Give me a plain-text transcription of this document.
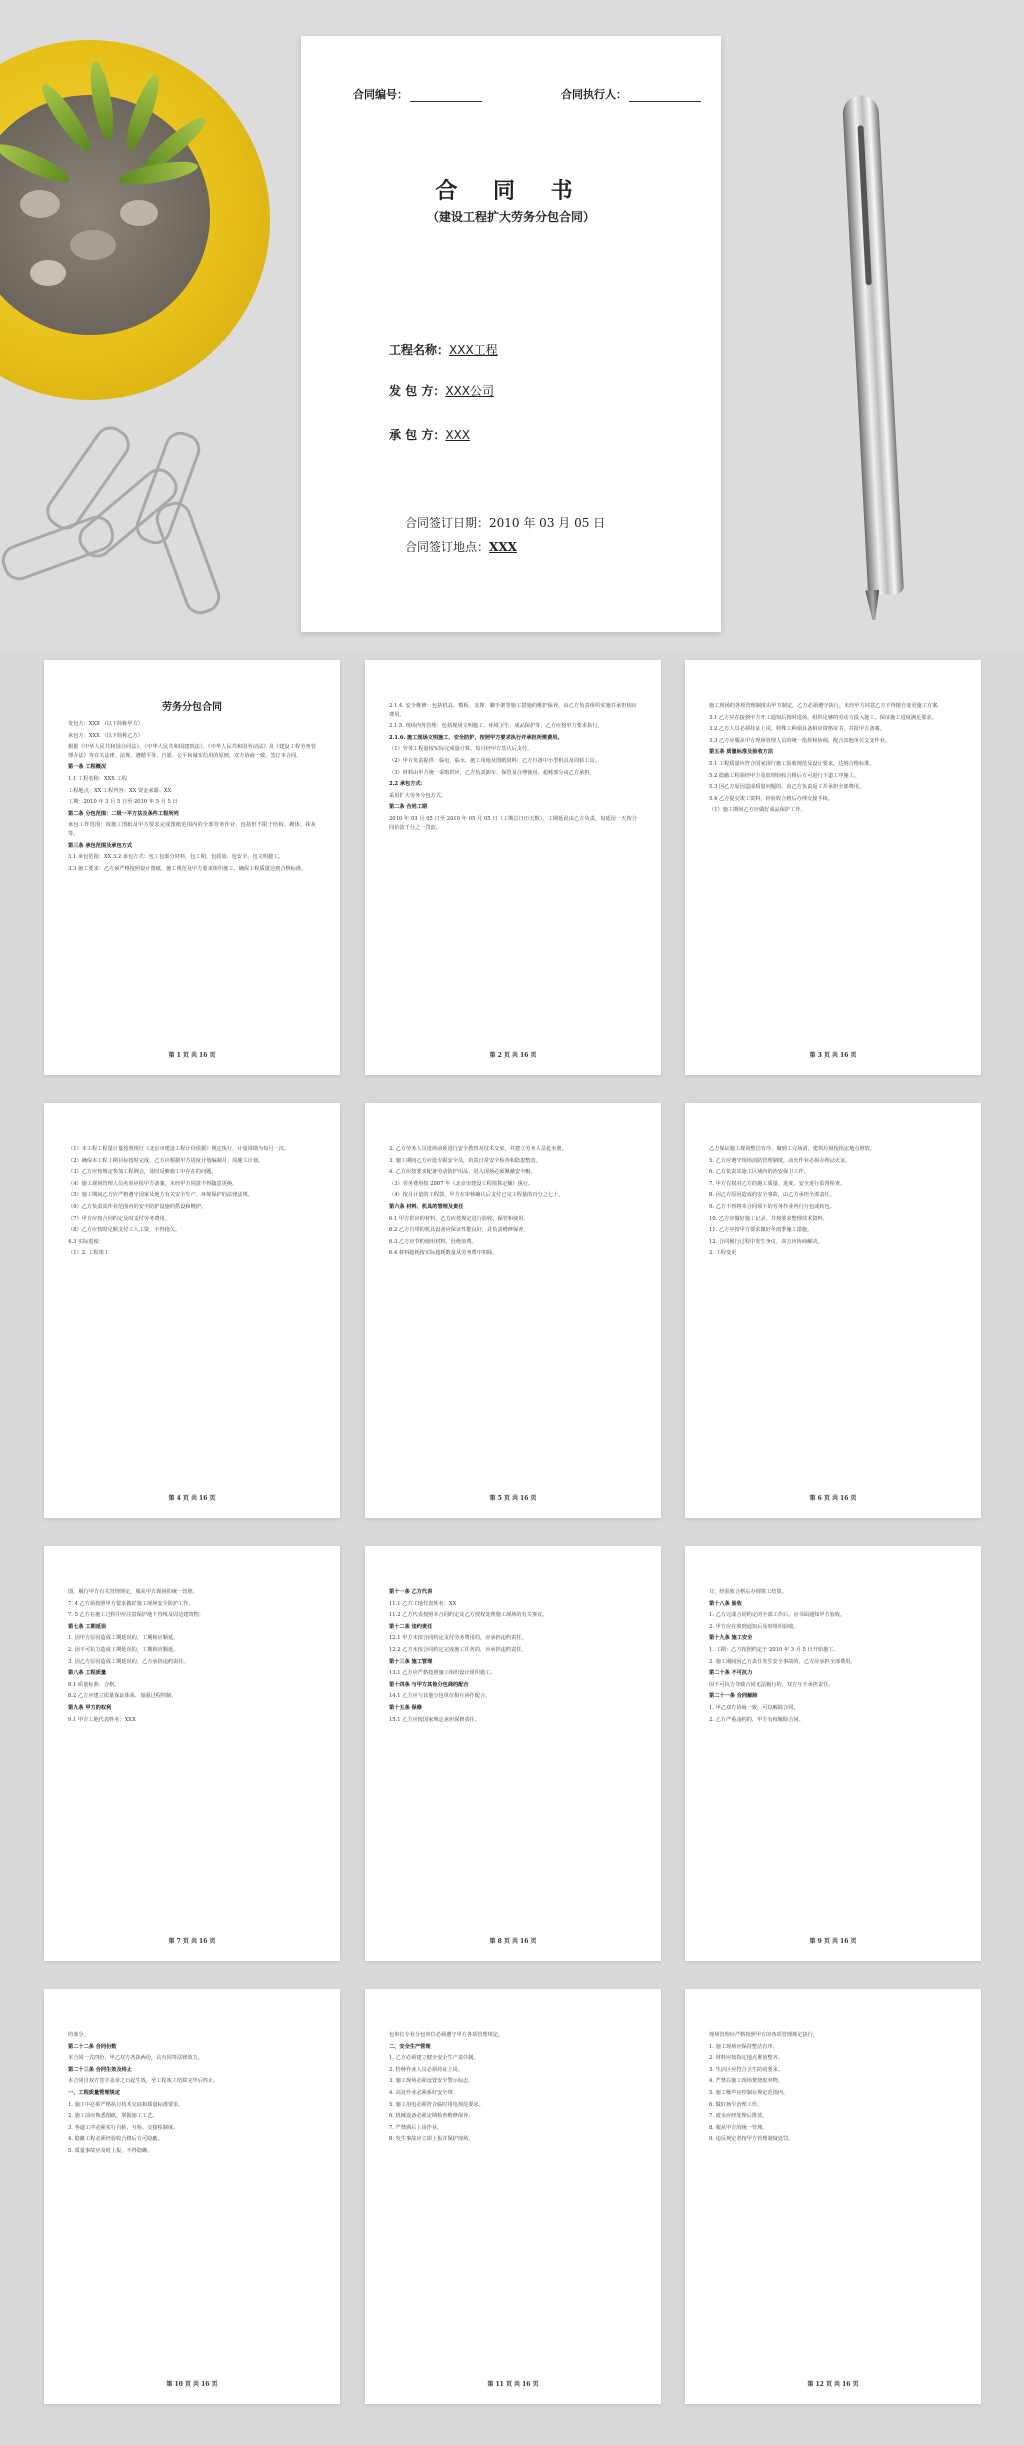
合同编号：	合同执行人：
合 同 书
（建设工程扩大劳务分包合同）
工程名称：XXX工程
发 包 方：XXX公司
承 包 方：XXX
合同签订日期：2010 年 03 月 05 日
合同签订地点：XXX
劳务分包合同

发包方：XXX （以下简称甲方）

承包方：XXX （以下简称乙方）

根据《中华人民共和国合同法》、《中华人民共和国建筑法》、《中华人民共和国劳动法》及《建设工程劳务管理办法》等有关法律、法规，遵循平等、自愿、公平和诚实信用的原则，双方协商一致，签订本合同。

第一条 工程概况

1.1 工程名称：XXX 工程

工程地点：XX 工程内容：XX 资金来源：XX

工期：2010 年 3 月 5 日至 2010 年 5 月 5 日

第二条 分包范围：二级一平方法及条件工程所列

承包工作范围：按施工图纸及甲方要求完成图纸范围内的全部劳务作业，包括但不限于结构、砌体、抹灰等。

第三条 承包范围及承包方式

3.1 承包范围：XX 3.2 承包方式：包工包部分材料，包工期、包质量、包安全、包文明施工。

3.3 施工要求：乙方须严格按照设计图纸、施工规范及甲方要求组织施工，确保工程质量达到合格标准。

第 1 页 共 16 页

2.1.4. 安全维修：包括机具、模板、支撑、脚手架等施工措施的维护保养，由乙方负责组织实施并承担相应费用。

2.1.5. 现场内外管理：包括现场文明施工、环境卫生、成品保护等，乙方应按甲方要求执行。

2.1.6. 施工现场文明施工、安全防护，按照甲方要求执行并承担所需费用。

（1）劳务工程量按实际完成量计算，每月经甲方签认后支付。

（2）甲方负责提供：临电、临水、施工用地及图纸资料；乙方自备中小型机具及周转工具。

（3）材料由甲方统一采购供应，乙方负责卸车、保管及合理使用，超耗部分由乙方承担。

2.2 承包方式：

采用扩大劳务分包方式。

第二条 合同工期

2010 年 03 月 05 日至 2010 年 05 月 05 日（工期总日历天数）。工期延误由乙方负责，每延误一天按合同价款千分之一罚款。

第 2 页 共 16 页

施工现场的各项管理制度由甲方制定，乙方必须遵守执行。未经甲方同意乙方不得擅自变更施工方案。

3.1 乙方应在接到甲方开工通知后按时进场，组织足够的劳动力投入施工，保证施工进度满足要求。

3.2 乙方人员必须持证上岗，特殊工种须具备相应资格证书，并报甲方备案。

3.3 乙方应服从甲方现场管理人员的统一指挥和协调，配合其他单位交叉作业。

第五条 质量标准及验收方法

5.1 工程质量应符合国家现行施工验收规范及设计要求，达到合格标准。

5.2 隐蔽工程须经甲方及监理验收合格后方可进行下道工序施工。

5.3 因乙方原因造成质量问题的，由乙方负责返工并承担全部费用。

5.4 乙方提交竣工资料，经验收合格后办理交接手续。

（1）施工期间乙方应做好成品保护工作。

第 3 页 共 16 页

（1）本工程工程量计量按照现行《北京市建设工程计价依据》规定执行，计量周期为每月一次。

（2）确保本工程工期目标按时完成，乙方应根据甲方进度计划编制月、周施工计划。

（3）乙方应按规定参加工程例会，及时反映施工中存在的问题。

（4）施工现场管理人员名单应报甲方备案，未经甲方同意不得随意更换。

（5）施工期间乙方应严格遵守国家及地方有关安全生产、环境保护的法律法规。

（6）乙方负责其作业范围内的安全防护设施的搭设和维护。

（7）甲方应按合同约定及时支付劳务费用。

（8）乙方应按时足额支付工人工资，不得拖欠。

4.3 实际进度：

（1）2. 工程竣工

第 4 页 共 16 页

2. 乙方劳务人员进场前须进行安全教育及技术交底，并建立劳务人员花名册。

3. 施工期间乙方应设专职安全员，负责日常安全检查和隐患整改。

4. 乙方应按要求配备劳动防护用品，进入现场必须佩戴安全帽。

（3）劳务费用按 2007 年《北京市建设工程预算定额》执行。

（4）按月计量的工程款，甲方在审核确认后支付已完工程量的百分之七十。

第六条 材料、机具的管理及责任

6.1 甲方供应的材料，乙方应按规定进行验收、保管和使用。

6.2 乙方自带的机具设备应保证性能良好，并负责维修保养。

6.3 乙方应节约使用材料，杜绝浪费。

6.4 材料超耗按实际超耗数量从劳务费中扣除。

第 5 页 共 16 页

乙方保证施工现场整洁有序，做到工完场清，建筑垃圾按指定地点堆放。

5. 乙方应遵守现场消防管理制度，动火作业必须办理动火证。

6. 乙方负责其施工区域内的治安保卫工作。

7. 甲方有权对乙方的施工质量、进度、安全进行监督检查。

8. 因乙方原因造成的安全事故，由乙方承担全部责任。

9. 乙方不得将本合同项下的劳务作业再行分包或转包。

10. 乙方应做好施工记录，并按要求整理技术资料。

11. 乙方应按甲方要求做好冬雨季施工措施。

12. 合同履行过程中发生争议，双方应协商解决。

2. 工程变更

第 6 页 共 16 页

图，履行甲方有关管理规定，服从甲方现场的统一管理。

7. 4 乙方须按照甲方要求做好施工现场安全防护工作。

7. 5 乙方在施工过程中应注意保护地下管线及周边建筑物。

第七条 工期延误

1. 因甲方原因造成工期延误的，工期相应顺延。

2. 因不可抗力造成工期延误的，工期相应顺延。

3. 因乙方原因造成工期延误的，乙方承担违约责任。

第八条 工程质量

8.1 质量标准：合格。

8.2 乙方应建立质量保证体系，加强过程控制。

第九条 甲方的权利

9.1 甲方工地代表姓名：XXX

第 7 页 共 16 页

第十一条 乙方代表

11.1 乙方工地代表姓名：XX

11.2 乙方代表按照本合同约定及乙方授权处理施工现场的有关事宜。

第十二条 违约责任

12.1 甲方未按合同约定支付劳务费用的，应承担违约责任。

12.2 乙方未按合同约定完成施工任务的，应承担违约责任。

第十三条 施工管理

13.1 乙方应严格按照施工组织设计组织施工。

第十四条 与甲方其他分包商的配合

14.1 乙方应与其他分包单位相互协作配合。

第十五条 保修

15.1 乙方应按国家规定承担保修责任。

第 8 页 共 16 页

日，经验收合格后办理竣工结算。

第十八条 验收

1. 乙方完成合同约定的全部工作后，应书面通知甲方验收。

2. 甲方应在收到通知后及时组织验收。

第十九条 施工安全

1. 工期：乙方按照约定于 2010 年 3 月 5 日开始施工。

2. 施工期间因乙方责任发生安全事故的，乙方应承担全部费用。

第二十条 不可抗力

因不可抗力导致合同无法履行的，双方互不承担责任。

第二十一条 合同解除

1. 甲乙双方协商一致，可以解除合同。

2. 乙方严重违约的，甲方有权解除合同。

第 9 页 共 16 页

的部分。

第二十二条 合同份数

本合同一式四份，甲乙双方各执两份，具有同等法律效力。

第二十三条 合同生效及终止

本合同自双方签字盖章之日起生效，至工程竣工结算完毕后终止。

一、工程质量管理规定

1. 施工中必须严格执行技术交底和质量标准要求。

2. 施工前应熟悉图纸，掌握施工工艺。

3. 各道工序必须实行自检、互检、交接检制度。

4. 隐蔽工程必须经验收合格后方可隐蔽。

5. 质量事故应及时上报，不得隐瞒。

第 10 页 共 16 页

包单位专业分包单位必须遵守甲方各项管理规定。

二、安全生产管理

1. 乙方必须建立健全安全生产责任制。

2. 特种作业人员必须持证上岗。

3. 施工现场必须设置安全警示标志。

4. 高处作业必须系好安全带。

5. 施工用电必须符合临时用电规范要求。

6. 机械设备必须定期检查维修保养。

7. 严禁酒后上岗作业。

8. 发生事故应立即上报并保护现场。

第 11 页 共 16 页

现场管理应严格按照甲方的各项管理规定执行。

1. 施工现场应保持整洁有序。

2. 材料应按指定地点堆放整齐。

3. 生活区应符合卫生防疫要求。

4. 严禁在施工现场焚烧废弃物。

5. 施工噪声应控制在规定范围内。

6. 做好扬尘治理工作。

7. 废水应经处理后排放。

8. 服从甲方的统一管理。

9. 违反规定者按甲方管理制度处罚。

第 12 页 共 16 页
